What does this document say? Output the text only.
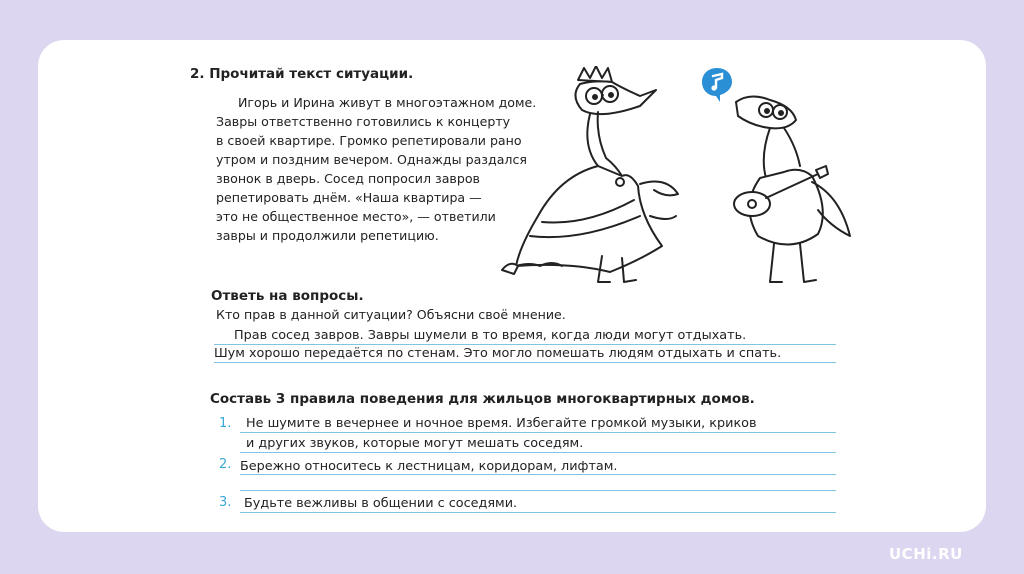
2. Прочитай текст ситуации.
Игорь и Ирина живут в многоэтажном доме.
Завры ответственно готовились к концерту
в своей квартире. Громко репетировали рано
утром и поздним вечером. Однажды раздался
звонок в дверь. Сосед попросил завров
репетировать днём. «Наша квартира —
это не общественное место», — ответили
завры и продолжили репетицию.
Ответь на вопросы.
Кто прав в данной ситуации? Объясни своё мнение.
Прав сосед завров. Завры шумели в то время, когда люди могут отдыхать.
Шум хорошо передаётся по стенам. Это могло помешать людям отдыхать и спать.
Составь 3 правила поведения для жильцов многоквартирных домов.
1. Не шумите в вечернее и ночное время. Избегайте громкой музыки, криков
и других звуков, которые могут мешать соседям.
2. Бережно относитесь к лестницам, коридорам, лифтам.
3. Будьте вежливы в общении с соседями.
UCHi.RU
